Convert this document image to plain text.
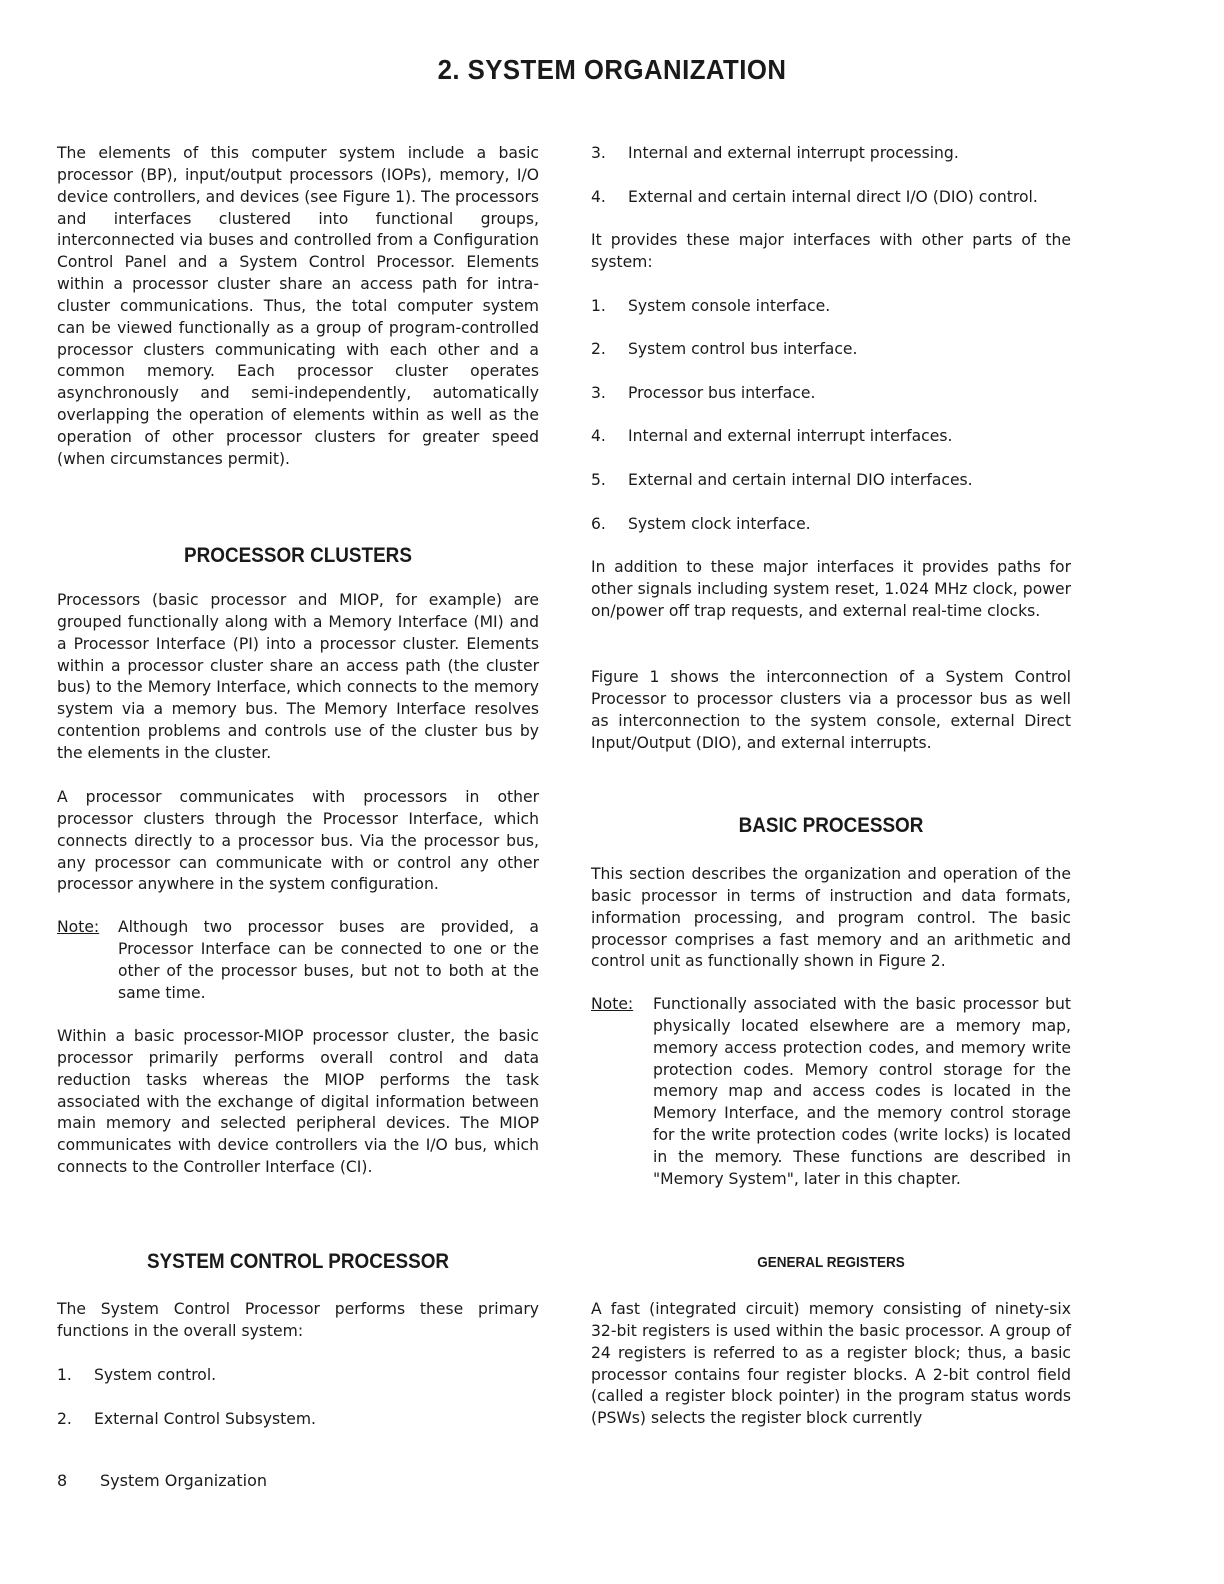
2. SYSTEM ORGANIZATION

The elements of this computer system include a basic processor (BP), input/output processors (IOPs), memory, I/O device controllers, and devices (see Figure 1). The processors and interfaces clustered into functional groups, interconnected via buses and controlled from a Configuration Control Panel and a System Control Processor. Elements within a processor cluster share an access path for intra-cluster communications. Thus, the total computer system can be viewed functionally as a group of program-controlled processor clusters communicating with each other and a common memory. Each processor cluster operates asynchronously and semi-independently, automatically overlapping the operation of elements within as well as the operation of other processor clusters for greater speed (when circumstances permit).

PROCESSOR CLUSTERS

Processors (basic processor and MIOP, for example) are grouped functionally along with a Memory Interface (MI) and a Processor Interface (PI) into a processor cluster. Elements within a processor cluster share an access path (the cluster bus) to the Memory Interface, which connects to the memory system via a memory bus. The Memory Interface resolves contention problems and controls use of the cluster bus by the elements in the cluster.

A processor communicates with processors in other processor clusters through the Processor Interface, which connects directly to a processor bus. Via the processor bus, any processor can communicate with or control any other processor anywhere in the system configuration.

Note: Although two processor buses are provided, a Processor Interface can be connected to one or the other of the processor buses, but not to both at the same time.

Within a basic processor-MIOP processor cluster, the basic processor primarily performs overall control and data reduction tasks whereas the MIOP performs the task associated with the exchange of digital information between main memory and selected peripheral devices. The MIOP communicates with device controllers via the I/O bus, which connects to the Controller Interface (CI).

SYSTEM CONTROL PROCESSOR

The System Control Processor performs these primary functions in the overall system:

1. System control.
2. External Control Subsystem.
3. Internal and external interrupt processing.
4. External and certain internal direct I/O (DIO) control.

It provides these major interfaces with other parts of the system:

1. System console interface.
2. System control bus interface.
3. Processor bus interface.
4. Internal and external interrupt interfaces.
5. External and certain internal DIO interfaces.
6. System clock interface.

In addition to these major interfaces it provides paths for other signals including system reset, 1.024 MHz clock, power on/power off trap requests, and external real-time clocks.

Figure 1 shows the interconnection of a System Control Processor to processor clusters via a processor bus as well as interconnection to the system console, external Direct Input/Output (DIO), and external interrupts.

BASIC PROCESSOR

This section describes the organization and operation of the basic processor in terms of instruction and data formats, information processing, and program control. The basic processor comprises a fast memory and an arithmetic and control unit as functionally shown in Figure 2.

Note: Functionally associated with the basic processor but physically located elsewhere are a memory map, memory access protection codes, and memory write protection codes. Memory control storage for the memory map and access codes is located in the Memory Interface, and the memory control storage for the write protection codes (write locks) is located in the memory. These functions are described in "Memory System", later in this chapter.

GENERAL REGISTERS

A fast (integrated circuit) memory consisting of ninety-six 32-bit registers is used within the basic processor. A group of 24 registers is referred to as a register block; thus, a basic processor contains four register blocks. A 2-bit control field (called a register block pointer) in the program status words (PSWs) selects the register block currently

8 System Organization
